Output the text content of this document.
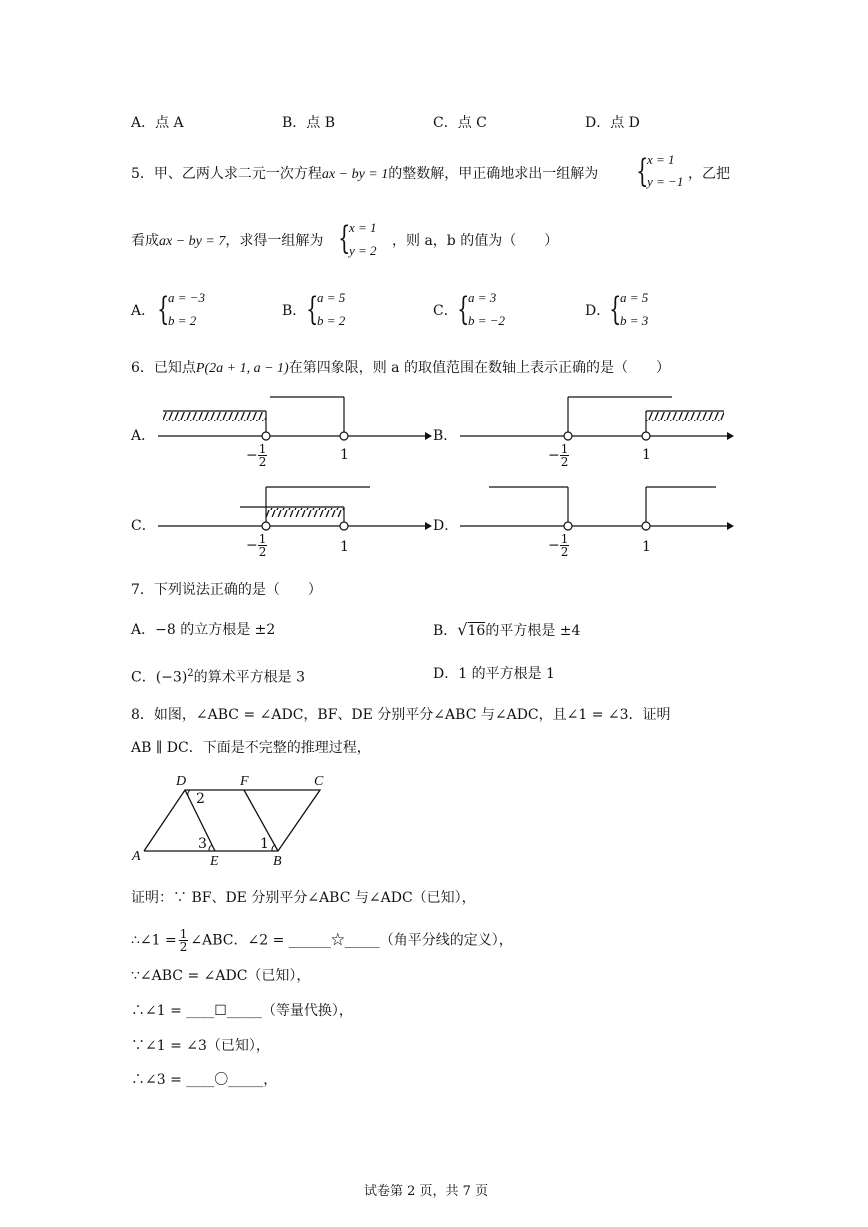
A．点 A	B．点 B	C．点 C	D．点 D
5．甲、乙两人求二元一次方程ax − by = 1的整数解，甲正确地求出一组解为 {
x = 1
y = −1 ，乙把
看成ax − by = 7，求得一组解为 {
x = 1
y = 2
，则 a，b 的值为（　　）
A． {
a = −3
b = 2
B． {
a = 5
b = 2
C． {
a = 3
b = −2
D．
{
a = 5
b = 3
6．已知点P(2a + 1, a − 1)在第四象限，则 a 的取值范围在数轴上表示正确的是（　　）
A．	B．
C．	D．
− $\frac{1}{2}$	1	− $\frac{1}{2}$	1
− $\frac{1}{2}$	1	− $\frac{1}{2}$	1
7．下列说法正确的是（　　）
A．−8 的立方根是 ±2	B．√16的平方根是 ±4
C．$(-3)^2$的算术平方根是 3	D．1 的平方根是 1
8．如图，∠ABC = ∠ADC，BF、DE 分别平分∠ABC 与∠ADC，且∠1 = ∠3．证明
AB ∥ DC．下面是不完整的推理过程，
D	F	C
2
3	1
A	E	B
证明：∵ BF、DE 分别平分∠ABC 与∠ADC（已知），
∴∠1 = $\frac{1}{2}$ ∠ABC．∠2 = ______☆_____（角平分线的定义），
∵∠ABC = ∠ADC（已知），
∴∠1 = ____☐_____（等量代换），
∵∠1 = ∠3（已知），
∴∠3 = ____〇_____，
试卷第 2 页，共 7 页
